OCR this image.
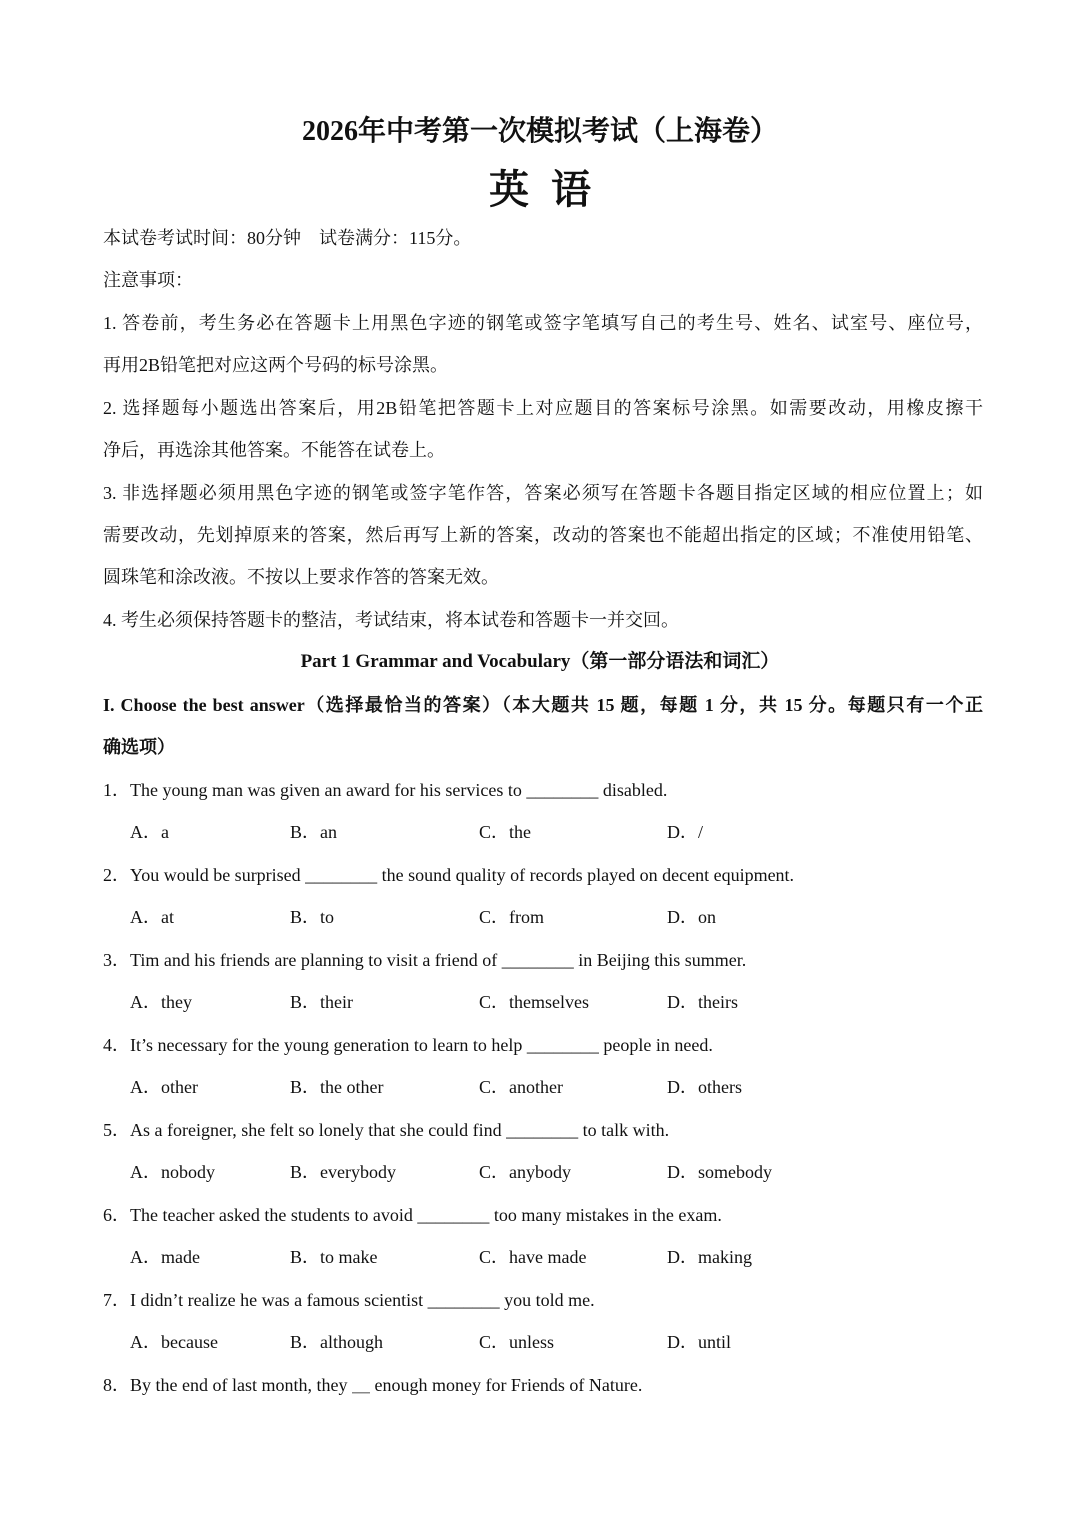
2026年中考第一次模拟考试（上海卷）
英语
本试卷考试时间：80分钟　试卷满分：115分。
注意事项：
1. 答卷前，考生务必在答题卡上用黑色字迹的钢笔或签字笔填写自己的考生号、姓名、试室号、座位号，
再用2B铅笔把对应这两个号码的标号涂黑。
2. 选择题每小题选出答案后，用2B铅笔把答题卡上对应题目的答案标号涂黑。如需要改动，用橡皮擦干
净后，再选涂其他答案。不能答在试卷上。
3. 非选择题必须用黑色字迹的钢笔或签字笔作答，答案必须写在答题卡各题目指定区域的相应位置上；如
需要改动，先划掉原来的答案，然后再写上新的答案，改动的答案也不能超出指定的区域；不准使用铅笔、
圆珠笔和涂改液。不按以上要求作答的答案无效。
4. 考生必须保持答题卡的整洁，考试结束，将本试卷和答题卡一并交回。
Part 1 Grammar and Vocabulary（第一部分语法和词汇）
I. Choose the best answer（选择最恰当的答案）（本大题共 15 题，每题 1 分，共 15 分。每题只有一个正
确选项）
1．The young man was given an award for his services to ________ disabled.
A．a	B．an	C．the	D．/
2．You would be surprised ________ the sound quality of records played on decent equipment.
A．at	B．to	C．from	D．on
3．Tim and his friends are planning to visit a friend of ________ in Beijing this summer.
A．they	B．their	C．themselves	D．theirs
4．It’s necessary for the young generation to learn to help ________ people in need.
A．other	B．the other	C．another	D．others
5．As a foreigner, she felt so lonely that she could find ________ to talk with.
A．nobody	B．everybody	C．anybody	D．somebody
6．The teacher asked the students to avoid ________ too many mistakes in the exam.
A．made	B．to make	C．have made	D．making
7．I didn’t realize he was a famous scientist ________ you told me.
A．because	B．although	C．unless	D．until
8．By the end of last month, they ＿ enough money for Friends of Nature.
